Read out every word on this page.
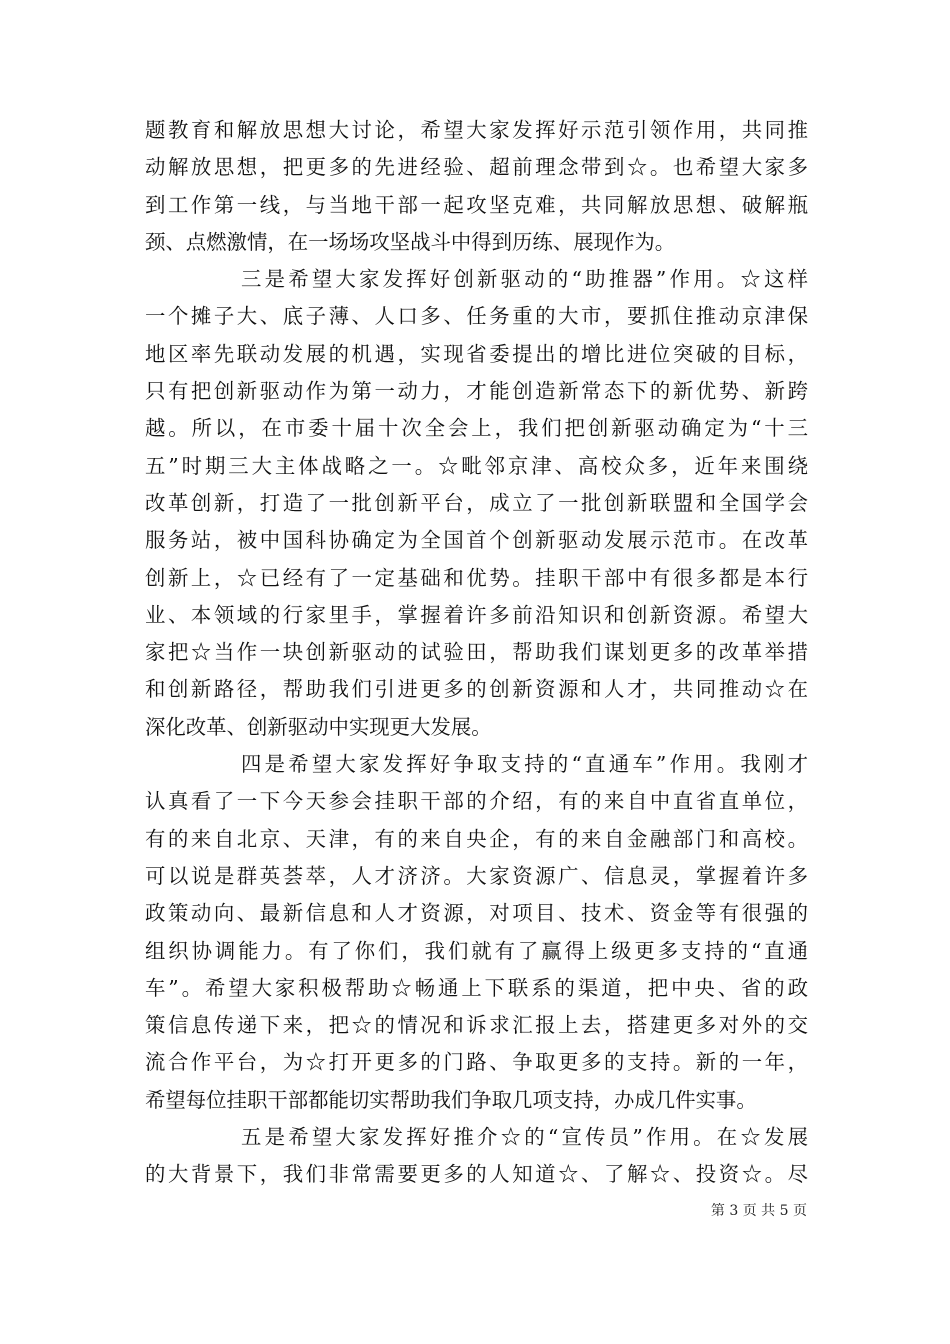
题教育和解放思想大讨论，希望大家发挥好示范引领作用，共同推
动解放思想，把更多的先进经验、超前理念带到☆。也希望大家多
到工作第一线，与当地干部一起攻坚克难，共同解放思想、破解瓶
颈、点燃激情，在一场场攻坚战斗中得到历练、展现作为。

三是希望大家发挥好创新驱动的“助推器”作用。☆这样
一个摊子大、底子薄、人口多、任务重的大市，要抓住推动京津保
地区率先联动发展的机遇，实现省委提出的增比进位突破的目标，
只有把创新驱动作为第一动力，才能创造新常态下的新优势、新跨
越。所以，在市委十届十次全会上，我们把创新驱动确定为“十三
五”时期三大主体战略之一。☆毗邻京津、高校众多，近年来围绕
改革创新，打造了一批创新平台，成立了一批创新联盟和全国学会
服务站，被中国科协确定为全国首个创新驱动发展示范市。在改革
创新上，☆已经有了一定基础和优势。挂职干部中有很多都是本行
业、本领域的行家里手，掌握着许多前沿知识和创新资源。希望大
家把☆当作一块创新驱动的试验田，帮助我们谋划更多的改革举措
和创新路径，帮助我们引进更多的创新资源和人才，共同推动☆在
深化改革、创新驱动中实现更大发展。

四是希望大家发挥好争取支持的“直通车”作用。我刚才
认真看了一下今天参会挂职干部的介绍，有的来自中直省直单位，
有的来自北京、天津，有的来自央企，有的来自金融部门和高校。
可以说是群英荟萃，人才济济。大家资源广、信息灵，掌握着许多
政策动向、最新信息和人才资源，对项目、技术、资金等有很强的
组织协调能力。有了你们，我们就有了赢得上级更多支持的“直通
车”。希望大家积极帮助☆畅通上下联系的渠道，把中央、省的政
策信息传递下来，把☆的情况和诉求汇报上去，搭建更多对外的交
流合作平台，为☆打开更多的门路、争取更多的支持。新的一年，
希望每位挂职干部都能切实帮助我们争取几项支持，办成几件实事。

五是希望大家发挥好推介☆的“宣传员”作用。在☆发展
的大背景下，我们非常需要更多的人知道☆、了解☆、投资☆。尽

第 3 页 共 5 页
